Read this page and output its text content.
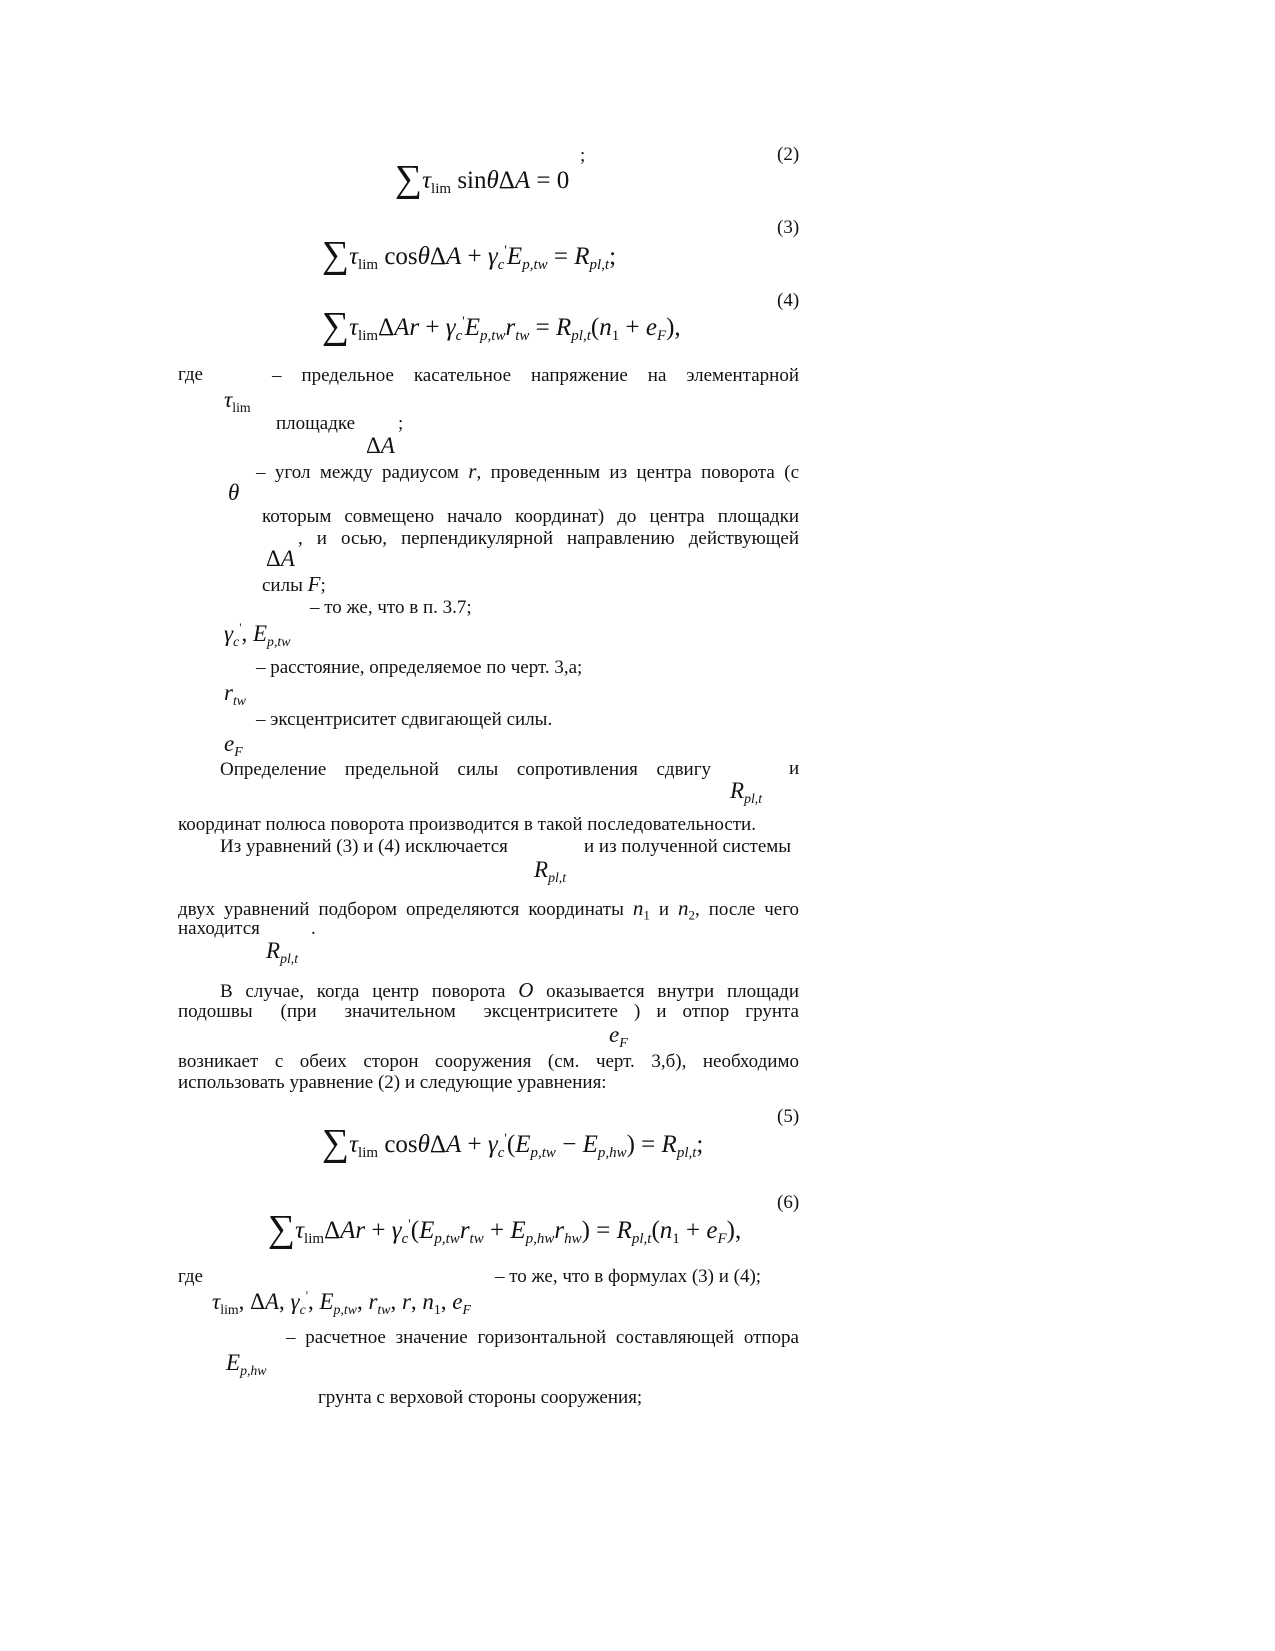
$\sum\tau_{lim}$ sinθΔA = 0
;	(2)
(3)
$\sum\tau_{lim}$ $\cos\theta\Delta A + \gamma_c'E_{p,tw} = R_{pl,t}$;
(4)
$\sum\tau_{lim}\Delta Ar + \gamma_c'E_{p,tw}r_{tw} = R_{pl,t}(n_1 + e_F)$,
где	– предельное касательное напряжение на элементарной
$\tau_{lim}$
площадке ;
ΔA
– угол между радиусом r, проведенным из центра поворота (с
θ
которым совмещено начало координат) до центра площадки
, и осью, перпендикулярной направлению действующей
ΔA
силы F;
– то же, что в п. 3.7;
$\gamma_c'$, $E_{p,tw}$
– расстояние, определяемое по черт. 3,а;
$r_{tw}$
– эксцентриситет сдвигающей силы.
$e_F$
Определение предельной силы сопротивления сдвигу	и
$R_{pl,t}$
координат полюса поворота производится в такой последовательности.
Из уравнений (3) и (4) исключается	и из полученной системы
$R_{pl,t}$
двух уравнений подбором определяются координаты $n_1$ и $n_2$, после чего
находится	.
$R_{pl,t}$
В случае, когда центр поворота O оказывается внутри площади
подошвы (при значительном эксцентриситете ) и отпор грунта
$e_F$
возникает с обеих сторон сооружения (см. черт. 3,б), необходимо
использовать уравнение (2) и следующие уравнения:
(5)
$\sum\tau_{lim}$ $\cos\theta\Delta A + \gamma_c'(E_{p,tw} - E_{p,hw}) = R_{pl,t}$;
(6)
$\sum\tau_{lim}\Delta Ar + \gamma_c'(E_{p,tw}r_{tw} + E_{p,hw}r_{hw}) = R_{pl,t}(n_1 + e_F)$,
где	– то же, что в формулах (3) и (4);
$\tau_{lim}$, ΔA, $\gamma_c'$, $E_{p,tw}$, $r_{tw}$, r, $n_1$, $e_F$
– расчетное значение горизонтальной составляющей отпора
$E_{p,hw}$
грунта с верховой стороны сооружения;
